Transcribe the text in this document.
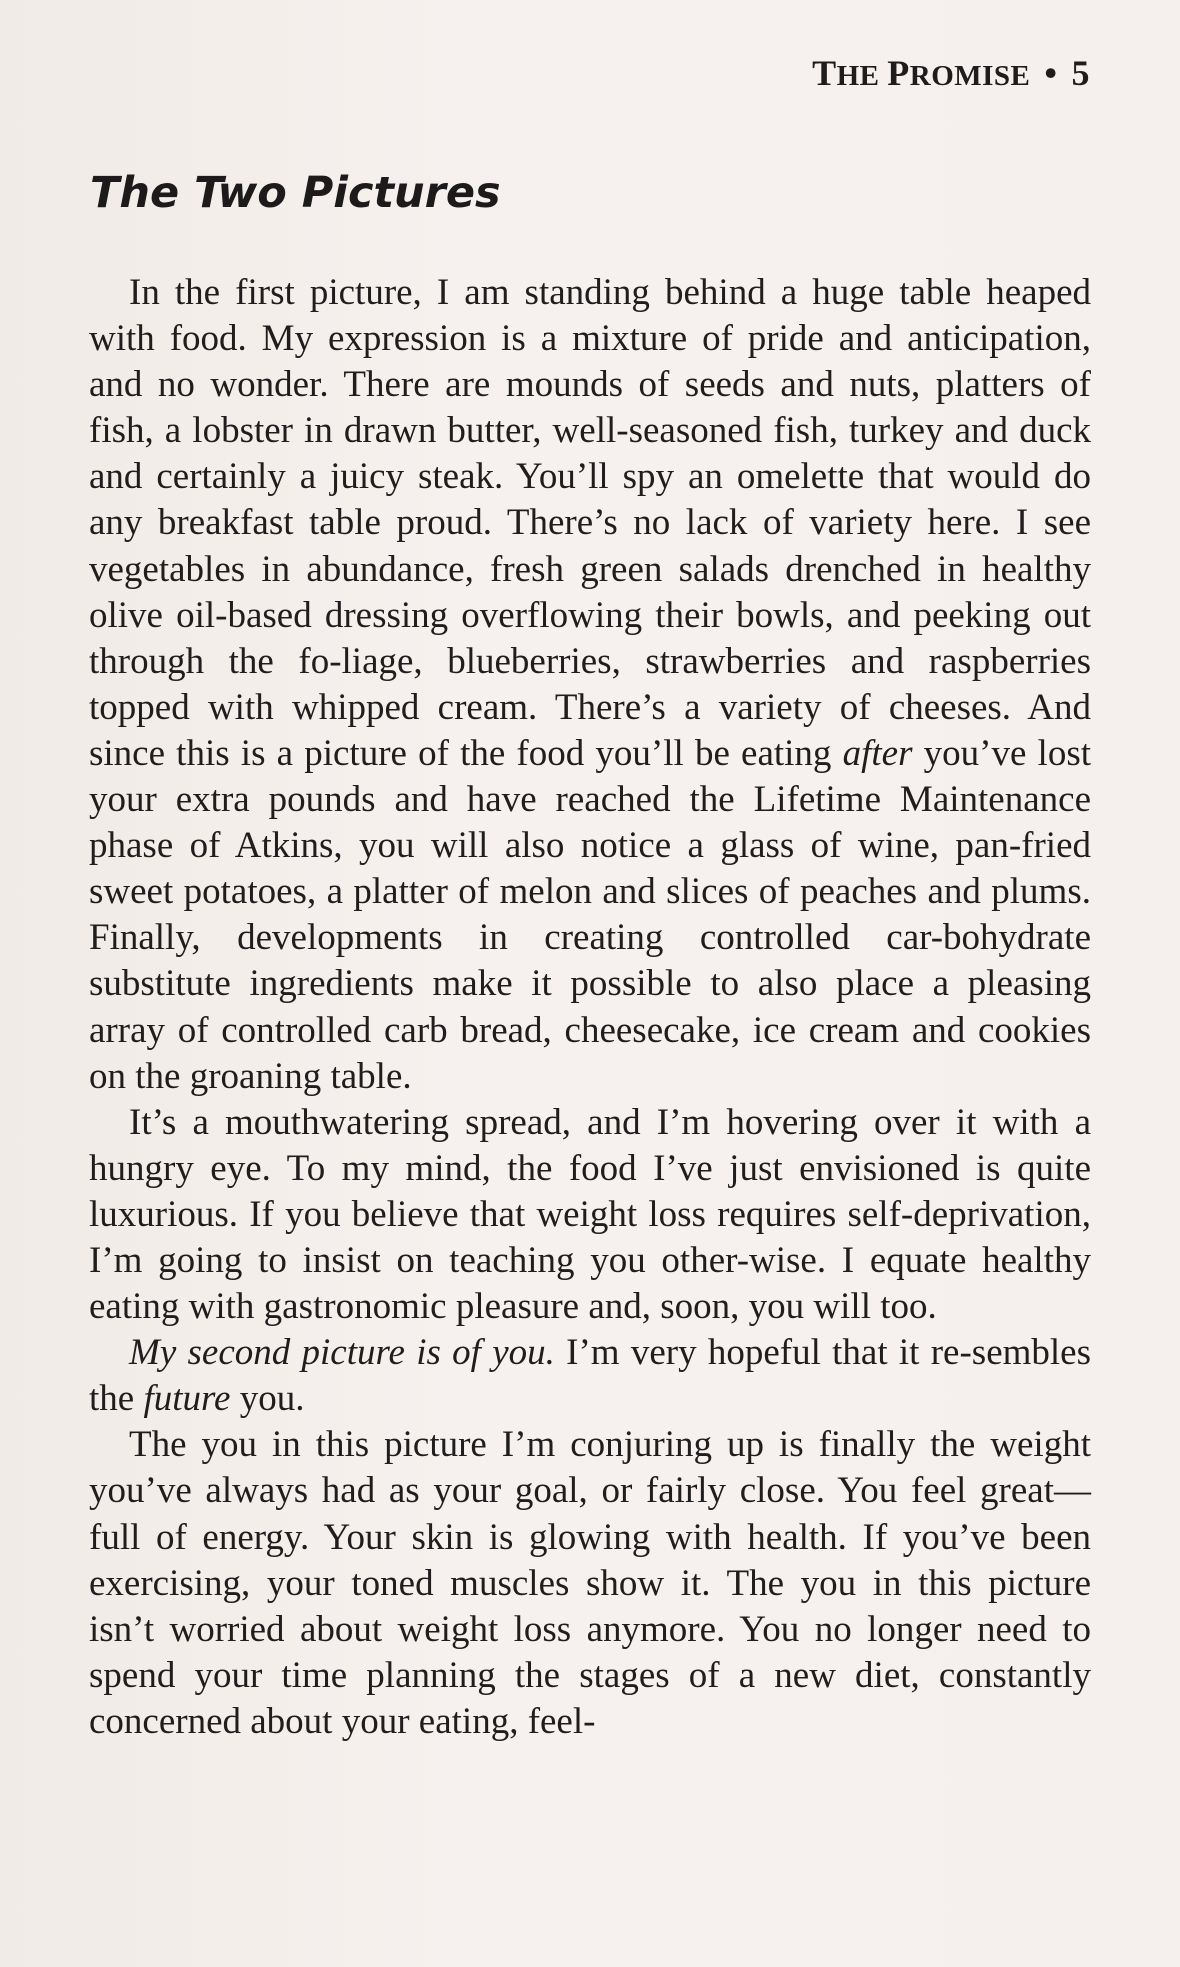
THE PROMISE • 5
The Two Pictures

In the first picture, I am standing behind a huge table heaped with food. My expression is a mixture of pride and anticipation, and no wonder. There are mounds of seeds and nuts, platters of fish, a lobster in drawn butter, well-seasoned fish, turkey and duck and certainly a juicy steak. You’ll spy an omelette that would do any breakfast table proud. There’s no lack of variety here. I see vegetables in abundance, fresh green salads drenched in healthy olive oil-based dressing overflowing their bowls, and peeking out through the fo-liage, blueberries, strawberries and raspberries topped with whipped cream. There’s a variety of cheeses. And since this is a picture of the food you’ll be eating after you’ve lost your extra pounds and have reached the Lifetime Maintenance phase of Atkins, you will also notice a glass of wine, pan-fried sweet potatoes, a platter of melon and slices of peaches and plums. Finally, developments in creating controlled car-bohydrate substitute ingredients make it possible to also place a pleasing array of controlled carb bread, cheesecake, ice cream and cookies on the groaning table.

It’s a mouthwatering spread, and I’m hovering over it with a hungry eye. To my mind, the food I’ve just envisioned is quite luxurious. If you believe that weight loss requires self-deprivation, I’m going to insist on teaching you other-wise. I equate healthy eating with gastronomic pleasure and, soon, you will too.

My second picture is of you. I’m very hopeful that it re-sembles the future you.

The you in this picture I’m conjuring up is finally the weight you’ve always had as your goal, or fairly close. You feel great—full of energy. Your skin is glowing with health. If you’ve been exercising, your toned muscles show it. The you in this picture isn’t worried about weight loss anymore. You no longer need to spend your time planning the stages of a new diet, constantly concerned about your eating, feel-
